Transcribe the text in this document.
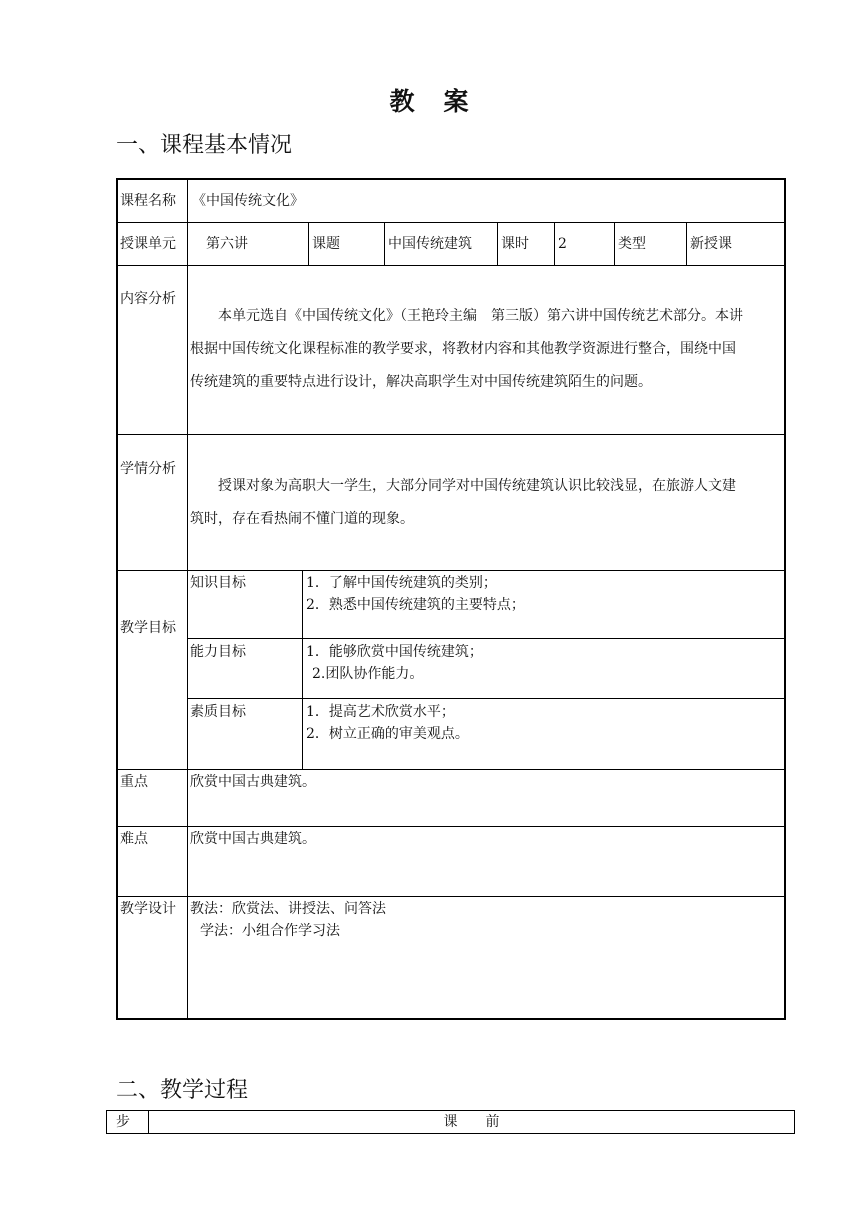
教　案
一、课程基本情况
课程名称 《中国传统文化》
授课单元 第六讲	课题	中国传统建筑 课时 2	类型	新授课
内容分析
本单元选自《中国传统文化》（王艳玲主编　第三版）第六讲中国传统艺术部分。本讲
根据中国传统文化课程标准的教学要求，将教材内容和其他教学资源进行整合，围绕中国
传统建筑的重要特点进行设计，解决高职学生对中国传统建筑陌生的问题。
学情分析
授课对象为高职大一学生，大部分同学对中国传统建筑认识比较浅显，在旅游人文建
筑时，存在看热闹不懂门道的现象。
教学目标
知识目标	1．了解中国传统建筑的类别；
2．熟悉中国传统建筑的主要特点；
能力目标	1．能够欣赏中国传统建筑；
2.团队协作能力。
素质目标	1．提高艺术欣赏水平；
2．树立正确的审美观点。
重点	欣赏中国古典建筑。
难点	欣赏中国古典建筑。
教学设计 教法：欣赏法、讲授法、问答法
学法：小组合作学习法
二、教学过程
步	课　　前
